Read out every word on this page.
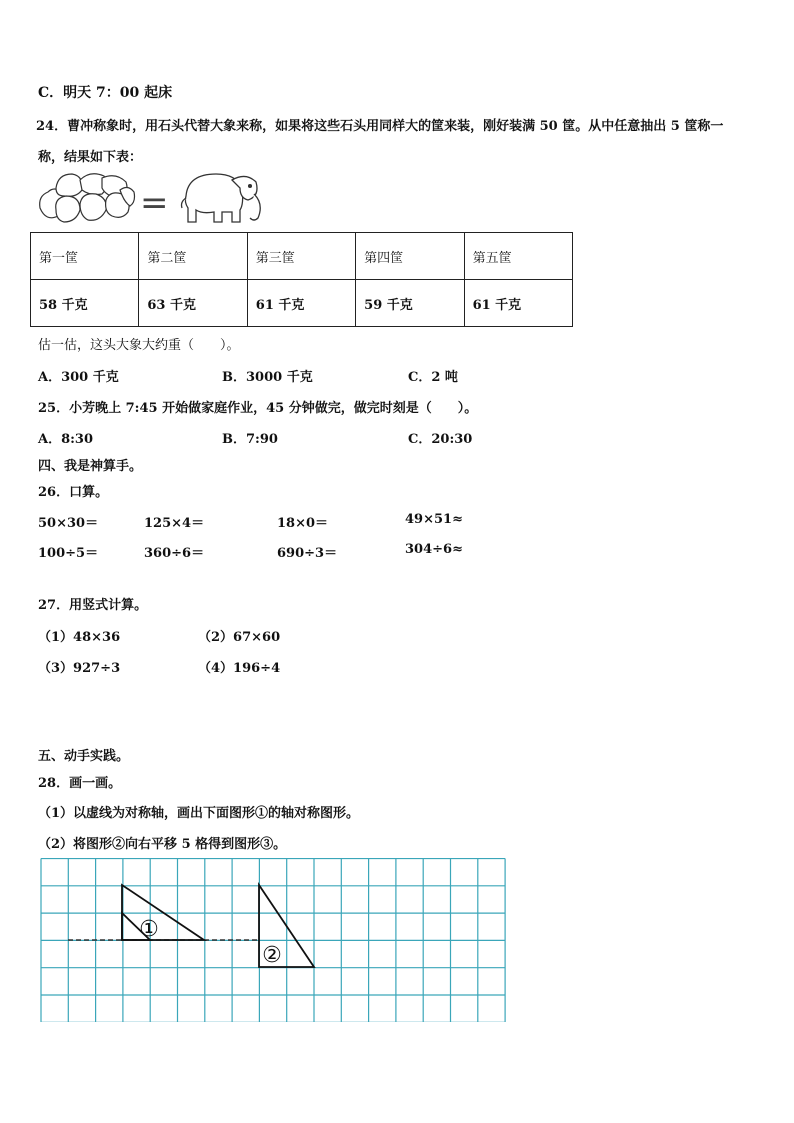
C．明天 7：00 起床
24．曹冲称象时，用石头代替大象来称，如果将这些石头用同样大的筐来装，刚好装满 50 筐。从中任意抽出 5 筐称一
称，结果如下表：
=
第一筐	第二筐	第三筐	第四筐	第五筐
58 千克	63 千克	61 千克	59 千克	61 千克
估一估，这头大象大约重（　　）。
A．300 千克	B．3000 千克	C．2 吨
25．小芳晚上 7:45 开始做家庭作业，45 分钟做完，做完时刻是（　　）。
A．8:30	B．7:90	C．20:30
四、我是神算手。
26．口算。
50×30＝	125×4＝	18×0＝	49×51≈
100÷5＝	360÷6＝	690÷3＝	304÷6≈
27．用竖式计算。
（1）48×36	（2）67×60
（3）927÷3	（4）196÷4
五、动手实践。
28．画一画。
（1）以虚线为对称轴，画出下面图形①的轴对称图形。
（2）将图形②向右平移 5 格得到图形③。
①
②
